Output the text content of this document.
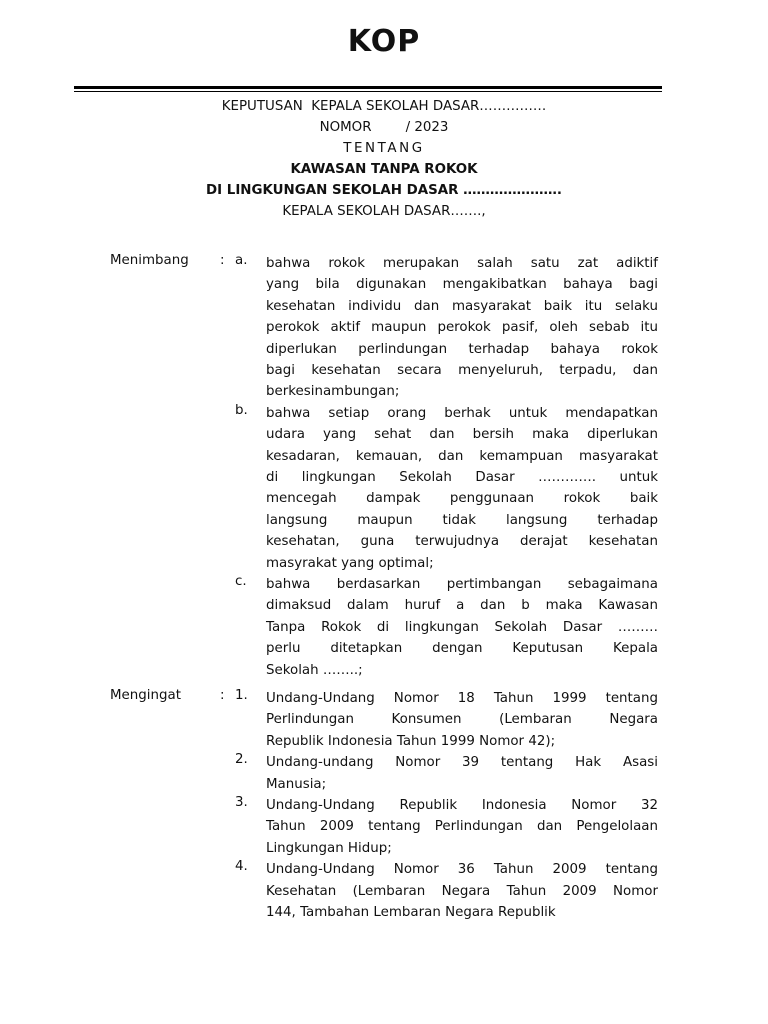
KOP
KEPUTUSAN  KEPALA SEKOLAH DASAR……………
NOMOR        / 2023
TENTANG
KAWASAN TANPA ROKOK
DI LINGKUNGAN SEKOLAH DASAR ………………….
KEPALA SEKOLAH DASAR…….,
Menimbang : a. bahwa rokok merupakan salah satu zat adiktif
yang bila digunakan mengakibatkan bahaya bagi
kesehatan individu dan masyarakat baik itu selaku
perokok aktif maupun perokok pasif, oleh sebab itu
diperlukan perlindungan terhadap bahaya rokok
bagi kesehatan secara menyeluruh, terpadu, dan
berkesinambungan;
b. bahwa setiap orang berhak untuk mendapatkan
udara yang sehat dan bersih maka diperlukan
kesadaran, kemauan, dan kemampuan masyarakat
di lingkungan Sekolah Dasar …………. untuk
mencegah dampak penggunaan rokok baik
langsung maupun tidak langsung terhadap
kesehatan, guna terwujudnya derajat kesehatan
masyrakat yang optimal;
c. bahwa berdasarkan pertimbangan sebagaimana
dimaksud dalam huruf a dan b maka Kawasan
Tanpa Rokok di lingkungan Sekolah Dasar ………
perlu ditetapkan dengan Keputusan Kepala
Sekolah ……..;
Mengingat	: 1. Undang-Undang Nomor 18 Tahun 1999 tentang
Perlindungan Konsumen (Lembaran Negara
Republik Indonesia Tahun 1999 Nomor 42);
2. Undang-undang Nomor 39 tentang Hak Asasi
Manusia;
3. Undang-Undang Republik Indonesia Nomor 32
Tahun 2009 tentang Perlindungan dan Pengelolaan
Lingkungan Hidup;
4. Undang-Undang Nomor 36 Tahun 2009 tentang
Kesehatan (Lembaran Negara Tahun 2009 Nomor
144, Tambahan Lembaran Negara Republik
